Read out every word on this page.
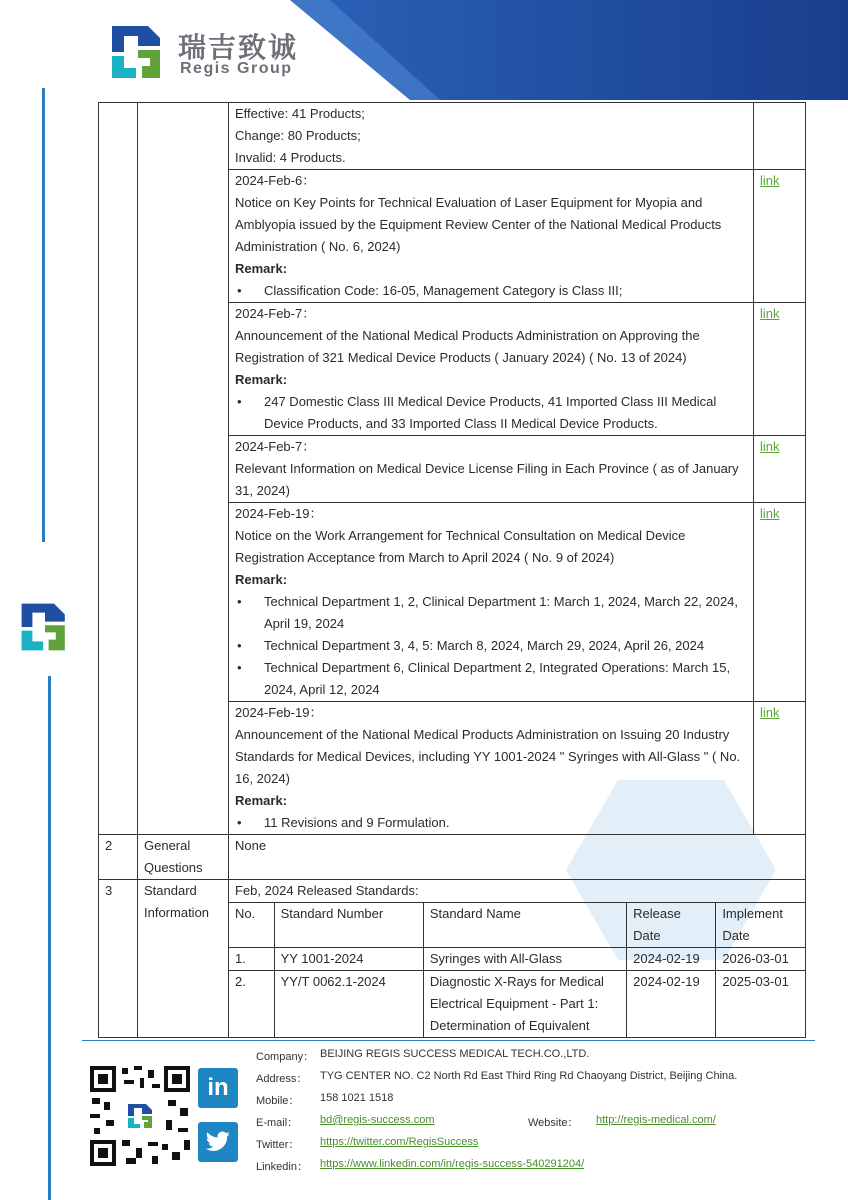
瑞吉致诚
Regis Group

Effective: 41 Products;
Change: 80 Products;
Invalid: 4 Products.

2024-Feb-6：
Notice on Key Points for Technical Evaluation of Laser Equipment for Myopia and Amblyopia issued by the Equipment Review Center of the National Medical Products Administration ( No. 6, 2024)
Remark:
• Classification Code: 16-05, Management Category is Class III;
	link

2024-Feb-7：
Announcement of the National Medical Products Administration on Approving the Registration of 321 Medical Device Products ( January 2024) ( No. 13 of 2024)
Remark:
• 247 Domestic Class III Medical Device Products, 41 Imported Class III Medical Device Products, and 33 Imported Class II Medical Device Products.
	link

2024-Feb-7：
Relevant Information on Medical Device License Filing in Each Province ( as of January 31, 2024)
	link

2024-Feb-19：
Notice on the Work Arrangement for Technical Consultation on Medical Device Registration Acceptance from March to April 2024 ( No. 9 of 2024)
Remark:
• Technical Department 1, 2, Clinical Department 1: March 1, 2024, March 22, 2024, April 19, 2024
• Technical Department 3, 4, 5: March 8, 2024, March 29, 2024, April 26, 2024
• Technical Department 6, Clinical Department 2, Integrated Operations: March 15, 2024, April 12, 2024
	link

2024-Feb-19：
Announcement of the National Medical Products Administration on Issuing 20 Industry Standards for Medical Devices, including YY 1001-2024 " Syringes with All-Glass " ( No. 16, 2024)
Remark:
• 11 Revisions and 9 Formulation.
	link
2	General Questions	None
3	Standard Information	
Feb, 2024 Released Standards:
No.	Standard Number	Standard Name	Release Date	Implement Date
1.	YY 1001-2024	Syringes with All-Glass	2024-02-19	2026-03-01
2.	YY/T 0062.1-2024	Diagnostic X-Rays for Medical Electrical Equipment - Part 1: Determination of Equivalent	2024-02-19	2025-03-01
in
Company： BEIJING REGIS SUCCESS MEDICAL TECH.CO.,LTD.
Address： TYG CENTER NO. C2 North Rd East Third Ring Rd Chaoyang District, Beijing China.
Mobile： 158 1021 1518
E-mail： bd@regis-success.com	Website： http://regis-medical.com/
Twitter： https://twitter.com/RegisSuccess
Linkedin： https://www.linkedin.com/in/regis-success-540291204/
